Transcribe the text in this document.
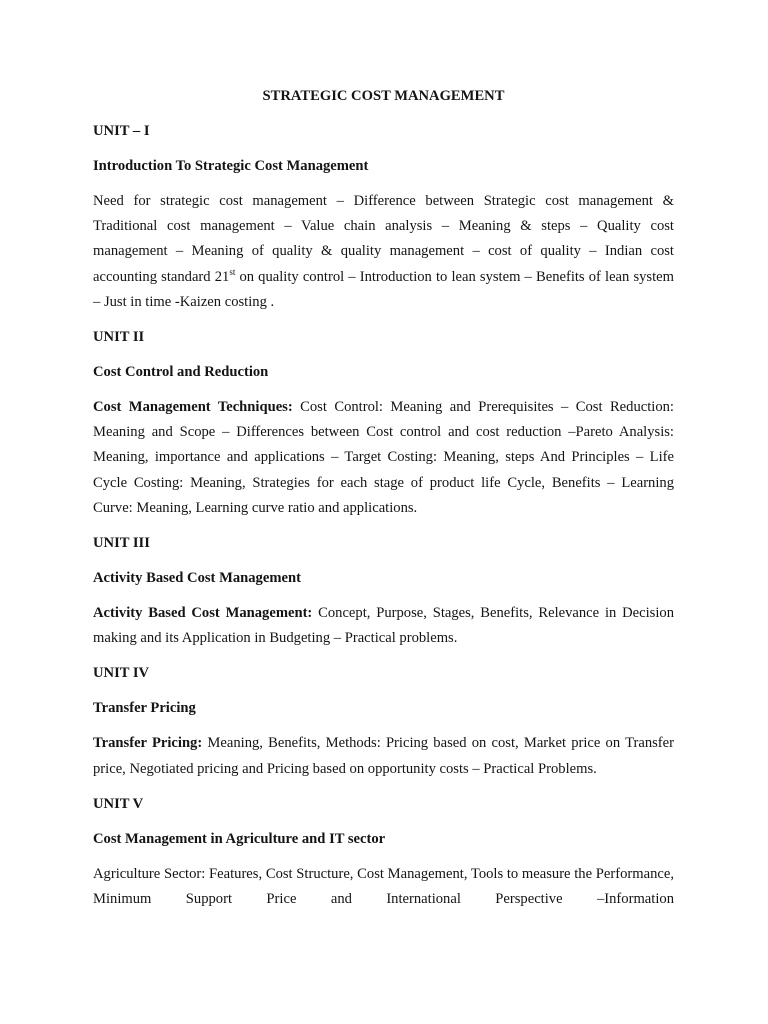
STRATEGIC COST MANAGEMENT

UNIT – I

Introduction To Strategic Cost Management

Need for strategic cost management – Difference between Strategic cost management & Traditional cost management – Value chain analysis – Meaning & steps – Quality cost management – Meaning of quality & quality management – cost of quality – Indian cost accounting standard 21st on quality control – Introduction to lean system – Benefits of lean system – Just in time -Kaizen costing .

UNIT II

Cost Control and Reduction

Cost Management Techniques: Cost Control: Meaning and Prerequisites – Cost Reduction: Meaning and Scope – Differences between Cost control and cost reduction –Pareto Analysis: Meaning, importance and applications – Target Costing: Meaning, steps And Principles – Life Cycle Costing: Meaning, Strategies for each stage of product life Cycle, Benefits – Learning Curve: Meaning, Learning curve ratio and applications.

UNIT III

Activity Based Cost Management

Activity Based Cost Management: Concept, Purpose, Stages, Benefits, Relevance in Decision making and its Application in Budgeting – Practical problems.

UNIT IV

Transfer Pricing

Transfer Pricing: Meaning, Benefits, Methods: Pricing based on cost, Market price on Transfer price, Negotiated pricing and Pricing based on opportunity costs – Practical Problems.

UNIT V

Cost Management in Agriculture and IT sector

Agriculture Sector: Features, Cost Structure, Cost Management, Tools to measure the Performance, Minimum Support Price and International Perspective –Information
